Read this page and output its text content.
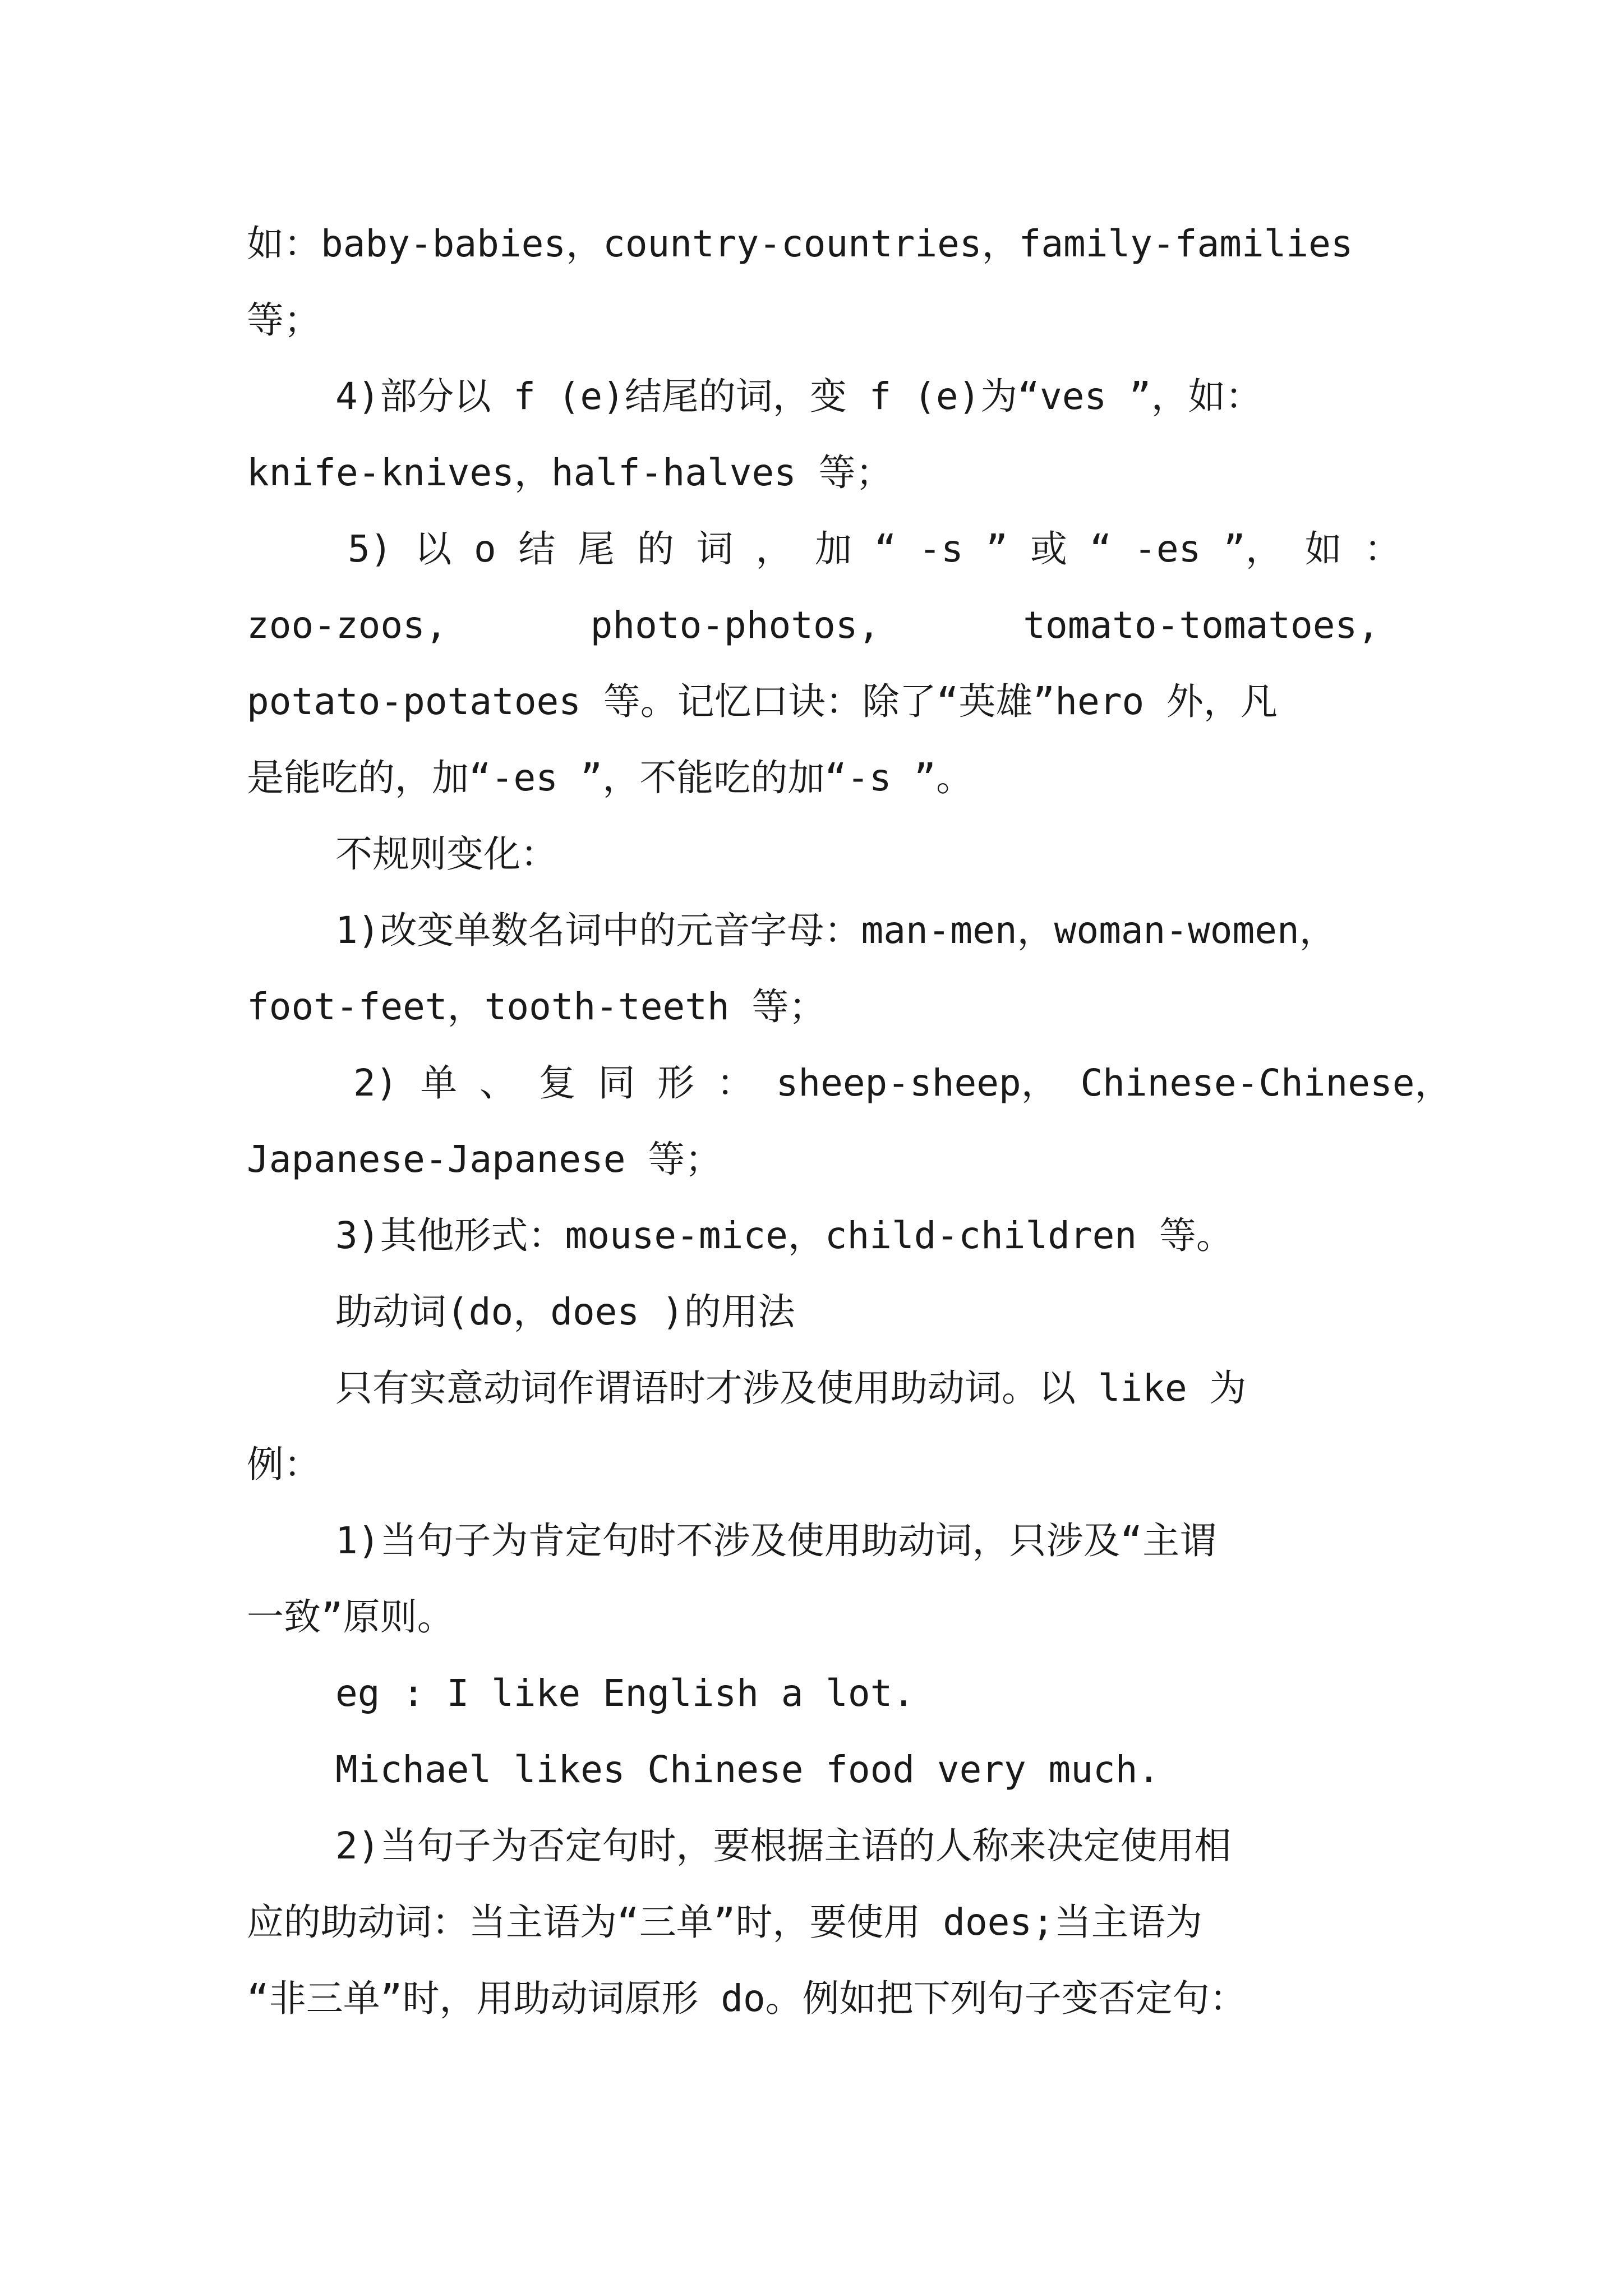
如：baby-babies，country-countries，family-families

等；

4)部分以 f (e)结尾的词，变 f (e)为“ves ”，如：

knife-knives，half-halves 等；

5) 以 o 结 尾 的 词 ， 加 “ -s ” 或 “ -es ”， 如 ：

zoo-zoos,	photo-photos,	tomato-tomatoes,

potato-potatoes 等。记忆口诀：除了“英雄”hero 外，凡

是能吃的，加“-es ”，不能吃的加“-s ”。

不规则变化：

1)改变单数名词中的元音字母：man-men，woman-women，

foot-feet，tooth-teeth 等；

2) 单 、 复 同 形 ： sheep-sheep， Chinese-Chinese，

Japanese-Japanese 等；

3)其他形式：mouse-mice，child-children 等。

助动词(do，does )的用法

只有实意动词作谓语时才涉及使用助动词。以 like 为

例：

1)当句子为肯定句时不涉及使用助动词，只涉及“主谓

一致”原则。

eg : I like English a lot.

Michael likes Chinese food very much.

2)当句子为否定句时，要根据主语的人称来决定使用相

应的助动词：当主语为“三单”时，要使用 does;当主语为

“非三单”时，用助动词原形 do。例如把下列句子变否定句：
